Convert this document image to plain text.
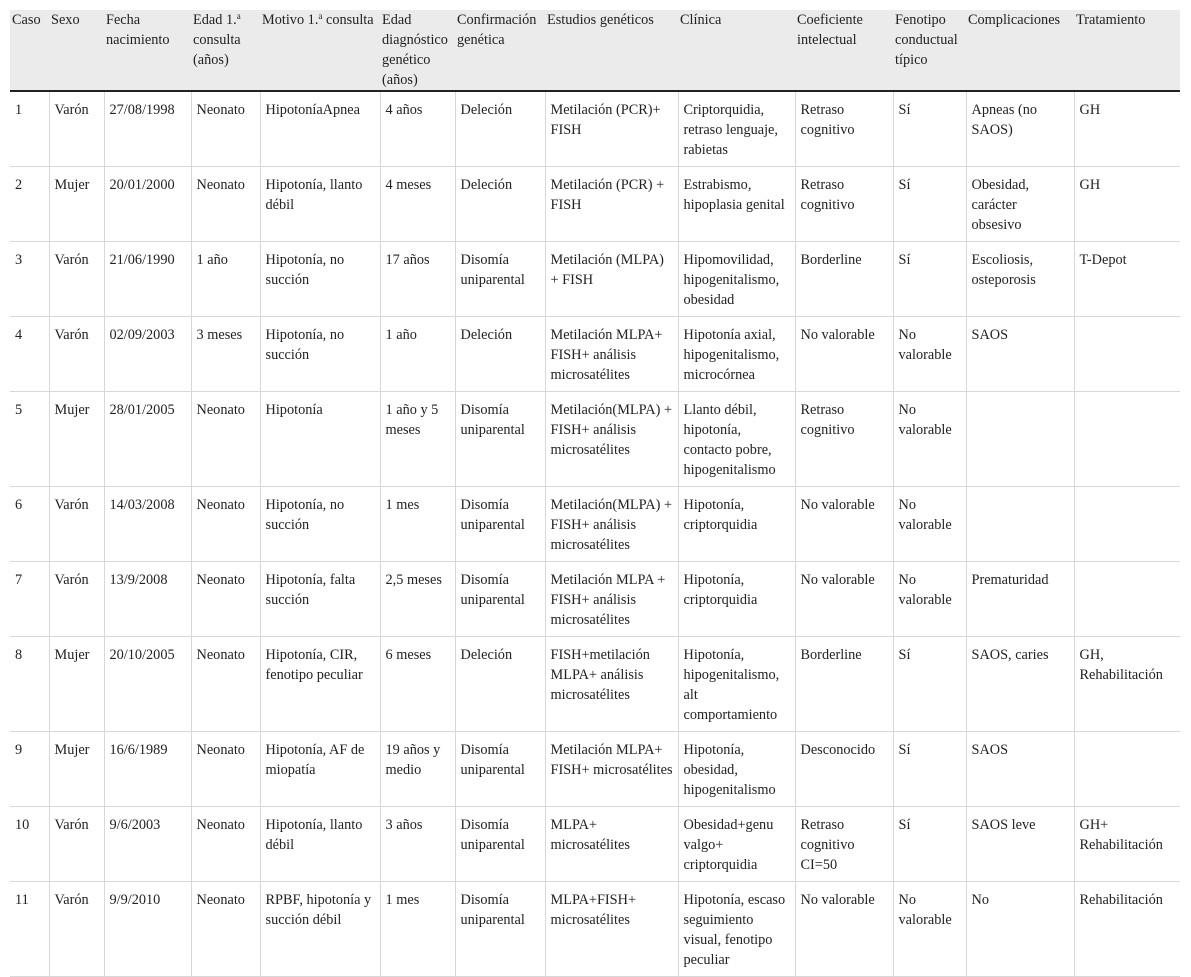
Caso	Sexo	Fecha nacimiento	Edad 1.$^a$ consulta (años)	Motivo 1.$^a$ consulta	Edad diagnóstico genético (años)	Confirmación genética	Estudios genéticos	Clínica	Coeficiente intelectual	Fenotipo conductual típico	Complicaciones	Tratamiento
1	Varón	27/08/1998	Neonato	HipotoníaApnea	4 años	Deleción	Metilación (PCR)+ FISH	Criptorquidia, retraso lenguaje, rabietas	Retraso cognitivo	Sí	Apneas (no SAOS)	GH
2	Mujer	20/01/2000	Neonato	Hipotonía, llanto débil	4 meses	Deleción	Metilación (PCR) + FISH	Estrabismo, hipoplasia genital	Retraso cognitivo	Sí	Obesidad, carácter obsesivo	GH
3	Varón	21/06/1990	1 año	Hipotonía, no succión	17 años	Disomía uniparental	Metilación (MLPA) + FISH	Hipomovilidad, hipogenitalismo, obesidad	Borderline	Sí	Escoliosis, osteporosis	T-Depot
4	Varón	02/09/2003	3 meses	Hipotonía, no succión	1 año	Deleción	Metilación MLPA+ FISH+ análisis microsatélites	Hipotonía axial, hipogenitalismo, microcórnea	No valorable	No valorable	SAOS	
5	Mujer	28/01/2005	Neonato	Hipotonía	1 año y 5 meses	Disomía uniparental	Metilación(MLPA) + FISH+ análisis microsatélites	Llanto débil, hipotonía, contacto pobre, hipogenitalismo	Retraso cognitivo	No valorable		
6	Varón	14/03/2008	Neonato	Hipotonía, no succión	1 mes	Disomía uniparental	Metilación(MLPA) + FISH+ análisis microsatélites	Hipotonía, criptorquidia	No valorable	No valorable		
7	Varón	13/9/2008	Neonato	Hipotonía, falta succión	2,5 meses	Disomía uniparental	Metilación MLPA + FISH+ análisis microsatélites	Hipotonía, criptorquidia	No valorable	No valorable	Prematuridad	
8	Mujer	20/10/2005	Neonato	Hipotonía, CIR, fenotipo peculiar	6 meses	Deleción	FISH+metilación MLPA+ análisis microsatélites	Hipotonía, hipogenitalismo, alt comportamiento	Borderline	Sí	SAOS, caries	GH, Rehabilitación
9	Mujer	16/6/1989	Neonato	Hipotonía, AF de miopatía	19 años y medio	Disomía uniparental	Metilación MLPA+ FISH+ microsatélites	Hipotonía, obesidad, hipogenitalismo	Desconocido	Sí	SAOS	
10	Varón	9/6/2003	Neonato	Hipotonía, llanto débil	3 años	Disomía uniparental	MLPA+ microsatélites	Obesidad+genu valgo+ criptorquidia	Retraso cognitivo CI=50	Sí	SAOS leve	GH+ Rehabilitación
11	Varón	9/9/2010	Neonato	RPBF, hipotonía y succión débil	1 mes	Disomía uniparental	MLPA+FISH+ microsatélites	Hipotonía, escaso seguimiento visual, fenotipo peculiar	No valorable	No valorable	No	Rehabilitación
